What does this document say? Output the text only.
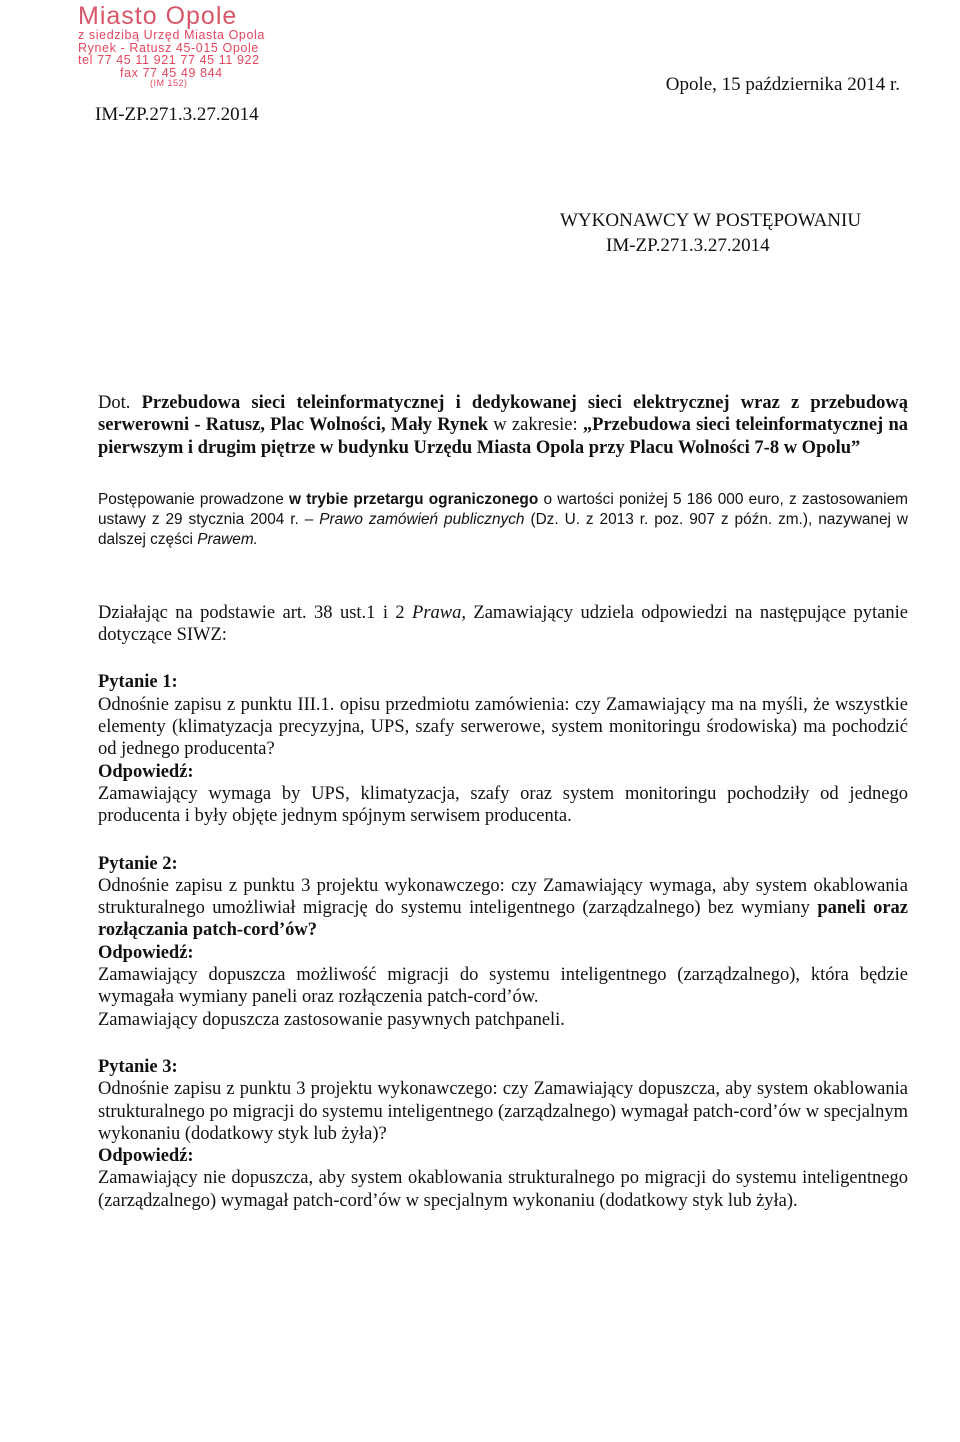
Miasto Opole
z siedzibą Urzęd Miasta Opola
Rynek - Ratusz 45-015 Opole
tel 77 45 11 921 77 45 11 922
fax 77 45 49 844
(IM 152)
IM-ZP.271.3.27.2014
Opole, 15 października 2014 r.
WYKONAWCY W POSTĘPOWANIU
IM-ZP.271.3.27.2014

Dot. Przebudowa sieci teleinformatycznej i dedykowanej sieci elektrycznej wraz z przebudową serwerowni - Ratusz, Plac Wolności, Mały Rynek w zakresie: „Przebudowa sieci teleinformatycznej na pierwszym i drugim piętrze w budynku Urzędu Miasta Opola przy Placu Wolności 7-8 w Opolu”

Postępowanie prowadzone w trybie przetargu ograniczonego o wartości poniżej 5 186 000 euro, z zastosowaniem ustawy z 29 stycznia 2004 r. – Prawo zamówień publicznych (Dz. U. z 2013 r. poz. 907 z późn. zm.), nazywanej w dalszej części Prawem.

Działając na podstawie art. 38 ust.1 i 2 Prawa, Zamawiający udziela odpowiedzi na następujące pytanie dotyczące SIWZ:

Pytanie 1:

Odnośnie zapisu z punktu III.1. opisu przedmiotu zamówienia: czy Zamawiający ma na myśli, że wszystkie elementy (klimatyzacja precyzyjna, UPS, szafy serwerowe, system monitoringu środowiska) ma pochodzić od jednego producenta?

Odpowiedź:

Zamawiający wymaga by UPS, klimatyzacja, szafy oraz system monitoringu pochodziły od jednego producenta i były objęte jednym spójnym serwisem producenta.

Pytanie 2:

Odnośnie zapisu z punktu 3 projektu wykonawczego: czy Zamawiający wymaga, aby system okablowania strukturalnego umożliwiał migrację do systemu inteligentnego (zarządzalnego) bez wymiany paneli oraz rozłączania patch-cord’ów?

Odpowiedź:

Zamawiający dopuszcza możliwość migracji do systemu inteligentnego (zarządzalnego), która będzie wymagała wymiany paneli oraz rozłączenia patch-cord’ów.

Zamawiający dopuszcza zastosowanie pasywnych patchpaneli.

Pytanie 3:

Odnośnie zapisu z punktu 3 projektu wykonawczego: czy Zamawiający dopuszcza, aby system okablowania strukturalnego po migracji do systemu inteligentnego (zarządzalnego) wymagał patch-cord’ów w specjalnym wykonaniu (dodatkowy styk lub żyła)?

Odpowiedź:

Zamawiający nie dopuszcza, aby system okablowania strukturalnego po migracji do systemu inteligentnego (zarządzalnego) wymagał patch-cord’ów w specjalnym wykonaniu (dodatkowy styk lub żyła).
